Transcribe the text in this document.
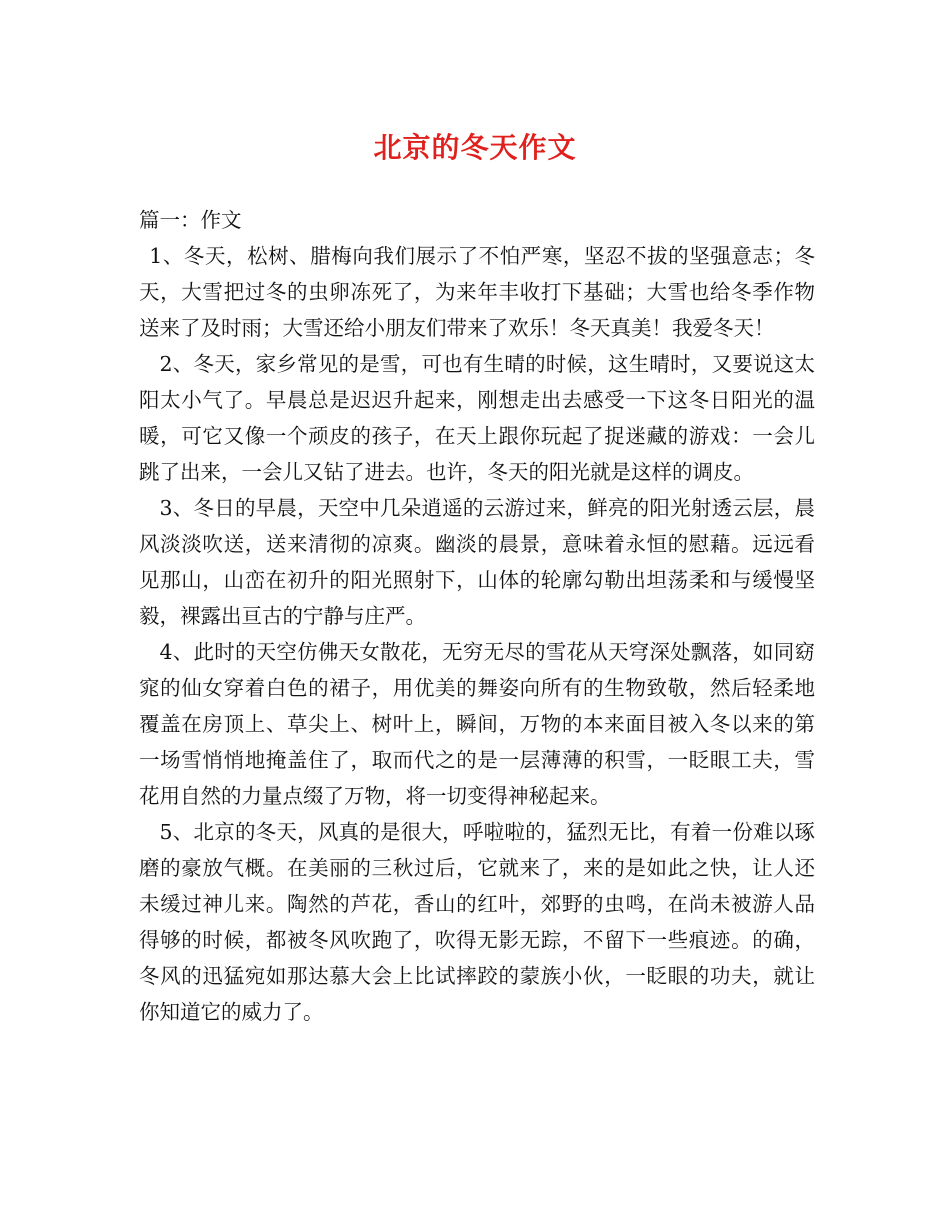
北京的冬天作文

篇一：作文

1、冬天，松树、腊梅向我们展示了不怕严寒，坚忍不拔的坚强意志；冬天，大雪把过冬的虫卵冻死了，为来年丰收打下基础；大雪也给冬季作物送来了及时雨；大雪还给小朋友们带来了欢乐！冬天真美！我爱冬天！

2、冬天，家乡常见的是雪，可也有生晴的时候，这生晴时，又要说这太阳太小气了。早晨总是迟迟升起来，刚想走出去感受一下这冬日阳光的温暖，可它又像一个顽皮的孩子，在天上跟你玩起了捉迷藏的游戏：一会儿跳了出来，一会儿又钻了进去。也许，冬天的阳光就是这样的调皮。

3、冬日的早晨，天空中几朵逍遥的云游过来，鲜亮的阳光射透云层，晨风淡淡吹送，送来清彻的凉爽。幽淡的晨景，意味着永恒的慰藉。远远看见那山，山峦在初升的阳光照射下，山体的轮廓勾勒出坦荡柔和与缓慢坚毅，裸露出亘古的宁静与庄严。

4、此时的天空仿佛天女散花，无穷无尽的雪花从天穹深处飘落，如同窈窕的仙女穿着白色的裙子，用优美的舞姿向所有的生物致敬，然后轻柔地覆盖在房顶上、草尖上、树叶上，瞬间，万物的本来面目被入冬以来的第一场雪悄悄地掩盖住了，取而代之的是一层薄薄的积雪，一眨眼工夫，雪花用自然的力量点缀了万物，将一切变得神秘起来。

5、北京的冬天，风真的是很大，呼啦啦的，猛烈无比，有着一份难以琢磨的豪放气概。在美丽的三秋过后，它就来了，来的是如此之快，让人还未缓过神儿来。陶然的芦花，香山的红叶，郊野的虫鸣，在尚未被游人品得够的时候，都被冬风吹跑了，吹得无影无踪，不留下一些痕迹。的确，冬风的迅猛宛如那达慕大会上比试摔跤的蒙族小伙，一眨眼的功夫，就让你知道它的威力了。
